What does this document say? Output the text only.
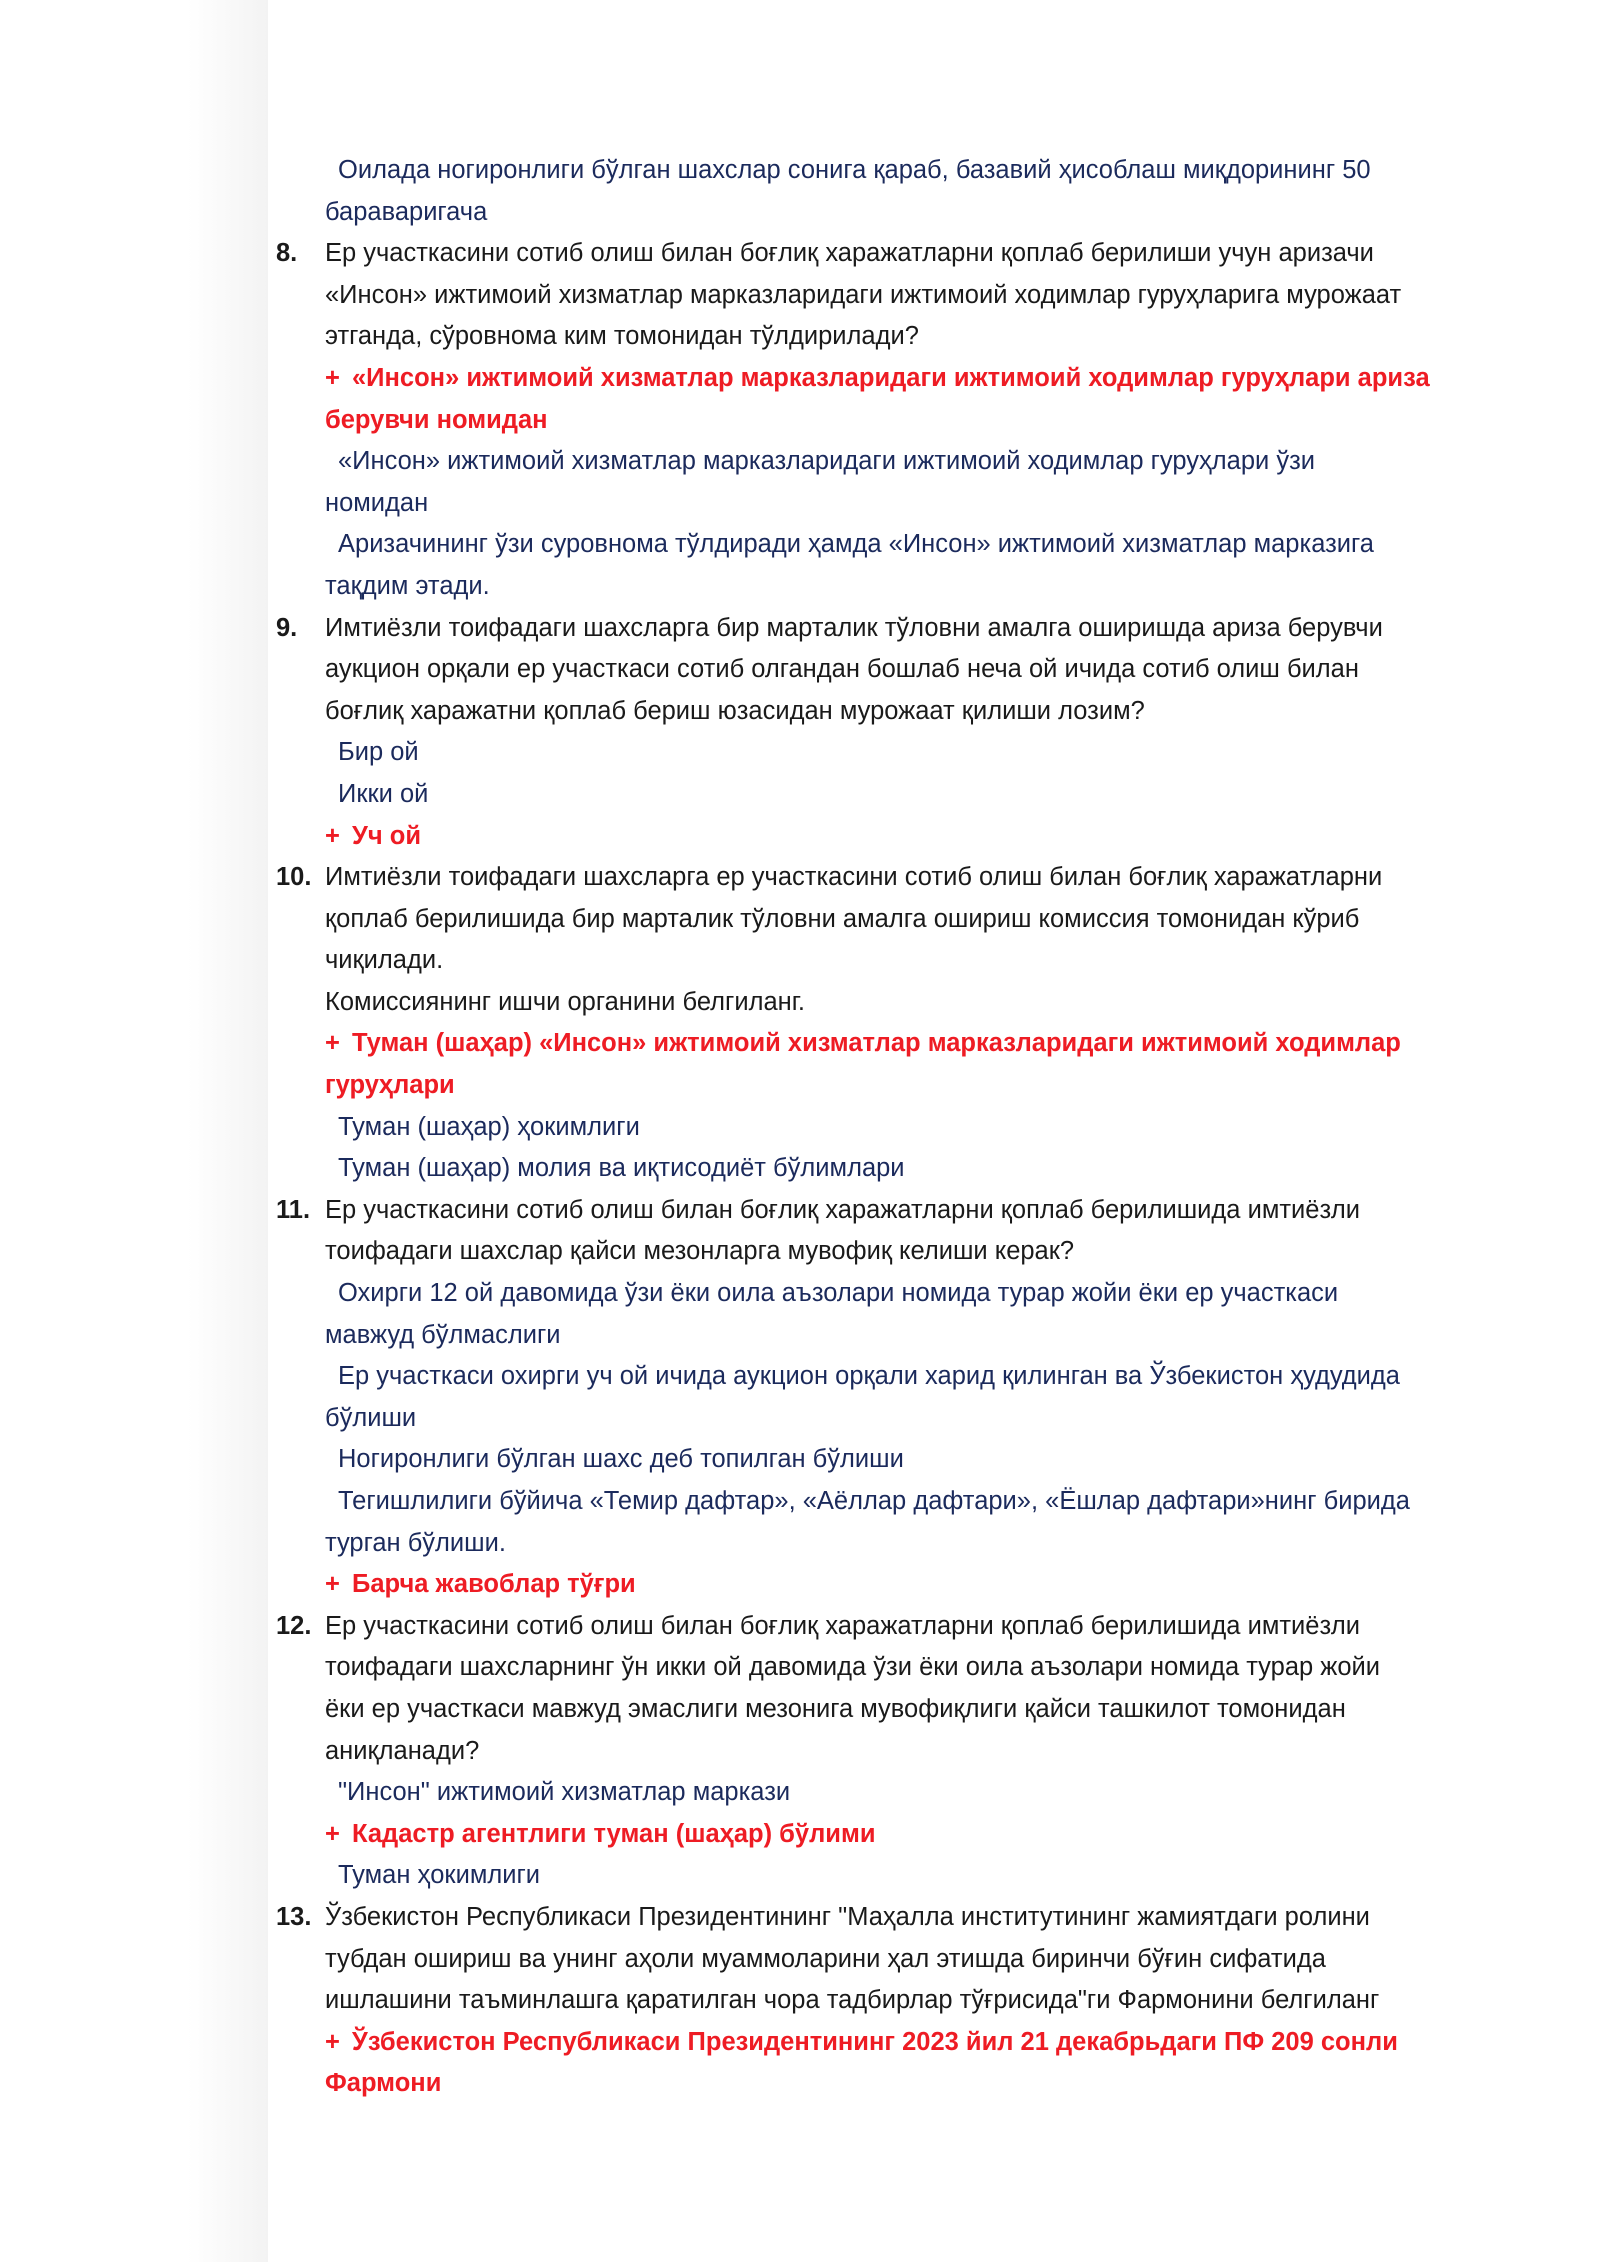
Оилада ногиронлиги бўлган шахслар сонига қараб, базавий ҳисоблаш миқдорининг 50
бараваригача
8. Ер участкасини сотиб олиш билан боғлиқ харажатларни қоплаб берилиши учун аризачи
«Инсон» ижтимоий хизматлар марказларидаги ижтимоий ходимлар гуруҳларига мурожаат
этганда, сўровнома ким томонидан тўлдирилади?
+ «Инсон» ижтимоий хизматлар марказларидаги ижтимоий ходимлар гуруҳлари ариза
берувчи номидан
«Инсон» ижтимоий хизматлар марказларидаги ижтимоий ходимлар гуруҳлари ўзи
номидан
Аризачининг ўзи суровнома тўлдиради ҳамда «Инсон» ижтимоий хизматлар марказига
тақдим этади.
9. Имтиёзли тоифадаги шахсларга бир марталик тўловни амалга оширишда ариза берувчи
аукцион орқали ер участкаси сотиб олгандан бошлаб неча ой ичида сотиб олиш билан
боғлиқ харажатни қоплаб бериш юзасидан мурожаат қилиши лозим?
Бир ой
Икки ой
+ Уч ой
10. Имтиёзли тоифадаги шахсларга ер участкасини сотиб олиш билан боғлиқ харажатларни
қоплаб берилишида бир марталик тўловни амалга ошириш комиссия томонидан кўриб
чиқилади.
Комиссиянинг ишчи органини белгиланг.
+ Туман (шаҳар) «Инсон» ижтимоий хизматлар марказларидаги ижтимоий ходимлар
гуруҳлари
Туман (шаҳар) ҳокимлиги
Туман (шаҳар) молия ва иқтисодиёт бўлимлари
11. Ер участкасини сотиб олиш билан боғлиқ харажатларни қоплаб берилишида имтиёзли
тоифадаги шахслар қайси мезонларга мувофиқ келиши керак?
Охирги 12 ой давомида ўзи ёки оила аъзолари номида турар жойи ёки ер участкаси
мавжуд бўлмаслиги
Ер участкаси охирги уч ой ичида аукцион орқали харид қилинган ва Ўзбекистон ҳудудида
бўлиши
Ногиронлиги бўлган шахс деб топилган бўлиши
Тегишлилиги бўйича «Темир дафтар», «Аёллар дафтари», «Ёшлар дафтари»нинг бирида
турган бўлиши.
+ Барча жавоблар тўғри
12. Ер участкасини сотиб олиш билан боғлиқ харажатларни қоплаб берилишида имтиёзли
тоифадаги шахсларнинг ўн икки ой давомида ўзи ёки оила аъзолари номида турар жойи
ёки ер участкаси мавжуд эмаслиги мезонига мувофиқлиги қайси ташкилот томонидан
аниқланади?
"Инсон" ижтимоий хизматлар маркази
+ Кадастр агентлиги туман (шаҳар) бўлими
Туман ҳокимлиги
13. Ўзбекистон Республикаси Президентининг "Маҳалла институтининг жамиятдаги ролини
тубдан ошириш ва унинг аҳоли муаммоларини ҳал этишда биринчи бўғин сифатида
ишлашини таъминлашга қаратилган чора тадбирлар тўғрисида"ги Фармонини белгиланг
+ Ўзбекистон Республикаси Президентининг 2023 йил 21 декабрьдаги ПФ 209 сонли
Фармони
